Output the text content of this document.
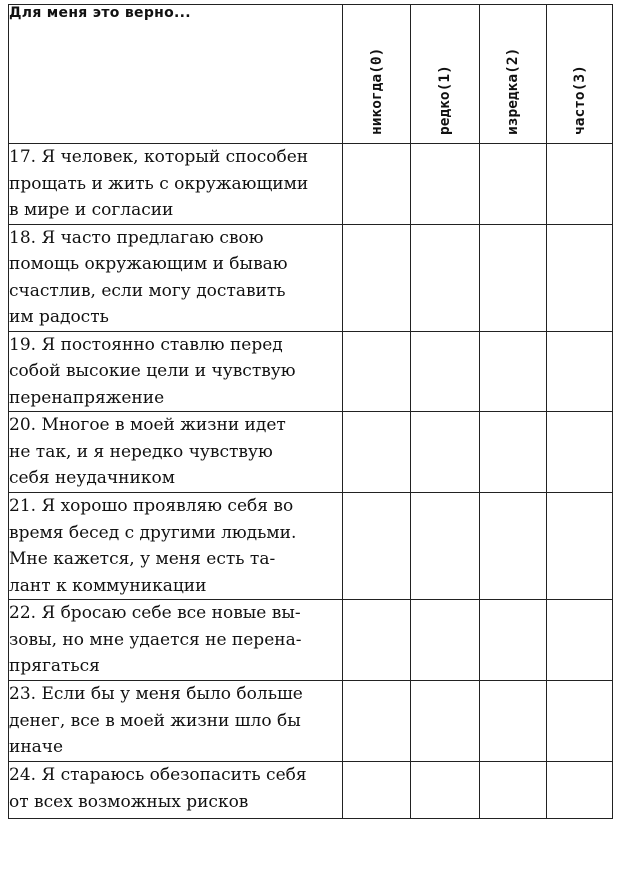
Для меня это верно...	никогда(0)	редко(1)	изредка(2)	часто(3)

17. Я человек, который способен
прощать и жить с окружающими
в мире и согласии				

18. Я часто предлагаю свою
помощь окружающим и бываю
счастлив, если могу доставить
им радость				

19. Я постоянно ставлю перед
собой высокие цели и чувствую
перенапряжение				

20. Многое в моей жизни идет
не так, и я нередко чувствую
себя неудачником				

21. Я хорошо проявляю себя во
время бесед с другими людьми.
Мне кажется, у меня есть та-
лант к коммуникации				

22. Я бросаю себе все новые вы-
зовы, но мне удается не перена-
прягаться				

23. Если бы у меня было больше
денег, все в моей жизни шло бы
иначе				

24. Я стараюсь обезопасить себя
от всех возможных рисков				
